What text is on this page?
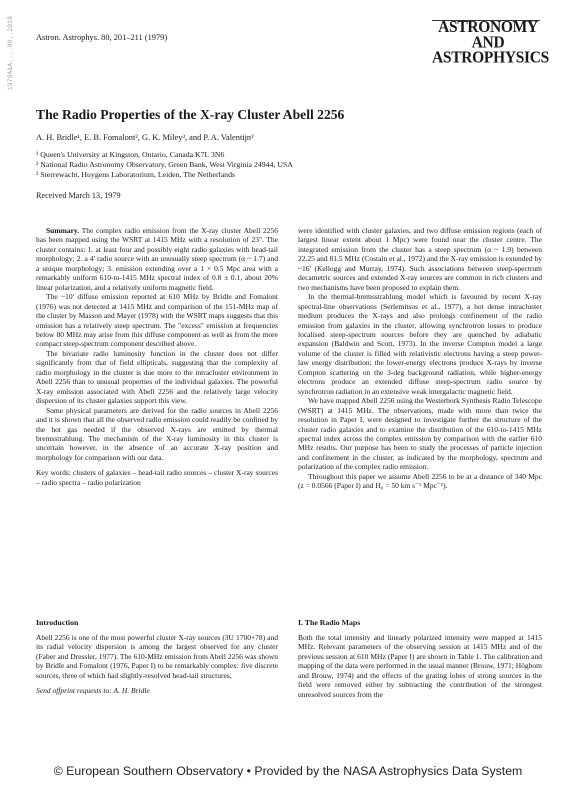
1979A&A....80..201B	Astron. Astrophys. 80, 201–211 (1979)
ASTRONOMY
AND
ASTROPHYSICS
The Radio Properties of the X-ray Cluster Abell 2256
A. H. Bridle¹, E. B. Fomalont², G. K. Miley³, and P. A. Valentijn³
¹ Queen's University at Kingston, Ontario, Canada K7L 3N6
² National Radio Astronomy Observatory, Green Bank, West Virginia 24944, USA
³ Sterrewacht, Huygens Laboratorium, Leiden, The Netherlands
Received March 13, 1979

Summary. The complex radio emission from the X-ray cluster Abell 2256 has been mapped using the WSRT at 1415 MHz with a resolution of 23". The cluster contains: 1. at least four and possibly eight radio galaxies with head-tail morphology; 2. a 4' radio source with an unusually steep spectrum (α ~ 1.7) and a unique morphology; 3. emission extending over a 1 × 0.5 Mpc area with a remarkably uniform 610-to-1415 MHz spectral index of 0.8 ± 0.1, about 20% linear polarization, and a relatively uniform magnetic field.

The ~10' diffuse emission reported at 610 MHz by Bridle and Fomalont (1976) was not detected at 1415 MHz and comparison of the 151-MHz map of the cluster by Masson and Mayer (1978) with the WSRT maps suggests that this emission has a relatively steep spectrum. The "excess" emission at frequencies below 80 MHz may arise from this diffuse component as well as from the more compact steep-spectrum component described above.

The bivariate radio luminosity function in the cluster does not differ significantly from that of field ellipticals, suggesting that the complexity of radio morphology in the cluster is due more to the intracluster environment in Abell 2256 than to unusual properties of the individual galaxies. The powerful X-ray emission associated with Abell 2256 and the relatively large velocity dispersion of its cluster galaxies support this view.

Some physical parameters are derived for the radio sources in Abell 2256 and it is shown that all the observed radio emission could readily be confined by the hot gas needed if the observed X-rays are emitted by thermal bremsstrahlung. The mechanism of the X-ray luminosity in this cluster is uncertain however, in the absence of an accurate X-ray position and morphology for comparison with our data.

Key words: clusters of galaxies – head-tail radio sources – cluster X-ray sources – radio spectra – radio polarization

were identified with cluster galaxies, and two diffuse emission regions (each of largest linear extent about 1 Mpc) were found near the cluster centre. The integrated emission from the cluster has a steep spectrum (α ~ 1.9) between 22.25 and 81.5 MHz (Costain et al., 1972) and the X-ray emission is extended by ~16' (Kellogg and Murray, 1974). Such associations between steep-spectrum decametric sources and extended X-ray sources are common in rich clusters and two mechanisms have been proposed to explain them.

In the thermal-bremsstrahlung model which is favoured by recent X-ray spectral-line observations (Serlemitsos et al., 1977), a hot dense intracluster medium produces the X-rays and also prolongs confinement of the radio emission from galaxies in the cluster, allowing synchrotron losses to produce localised steep-spectrum sources before they are quenched by adiabatic expansion (Baldwin and Scott, 1973). In the inverse Compton model a large volume of the cluster is filled with relativistic electrons having a steep power-law energy distribution; the lower-energy electrons produce X-rays by inverse Compton scattering on the 3-deg background radiation, while higher-energy electrons produce an extended diffuse steep-spectrum radio source by synchrotron radiation in an extensive weak intergalactic magnetic field.

We have mapped Abell 2256 using the Westerbork Synthesis Radio Telescope (WSRT) at 1415 MHz. The observations, made with more than twice the resolution in Paper I, were designed to investigate further the structure of the cluster radio galaxies and to examine the distribution of the 610-to-1415 MHz spectral index across the complex emission by comparison with the earlier 610 MHz results. Our purpose has been to study the processes of particle injection and confinement in the cluster, as indicated by the morphology, spectrum and polarization of the complex radio emission.

Throughout this paper we assume Abell 2256 to be at a distance of 340 Mpc (z = 0.0566 (Paper I) and H₀ = 50 km s⁻¹ Mpc⁻¹).

Introduction	I. The Radio Maps

Abell 2256 is one of the most powerful cluster X-ray sources (3U 1700+78) and its radial velocity dispersion is among the largest observed for any cluster (Faber and Dressler, 1977). The 610-MHz emission from Abell 2256 was shown by Bridle and Fomalont (1976, Paper I) to be remarkably complex: five discrete sources, three of which had slightly-resolved head-tail structures,

Send offprint requests to: A. H. Bridle

Both the total intensity and linearly polarized intensity were mapped at 1415 MHz. Relevant parameters of the observing session at 1415 MHz and of the previous session at 610 MHz (Paper I) are shown in Table 1. The calibration and mapping of the data were performed in the usual manner (Brouw, 1971; Högbom and Brouw, 1974) and the effects of the grating lobes of strong sources in the field were removed either by subtracting the contribution of the strongest unresolved sources from the

© European Southern Observatory • Provided by the NASA Astrophysics Data System
